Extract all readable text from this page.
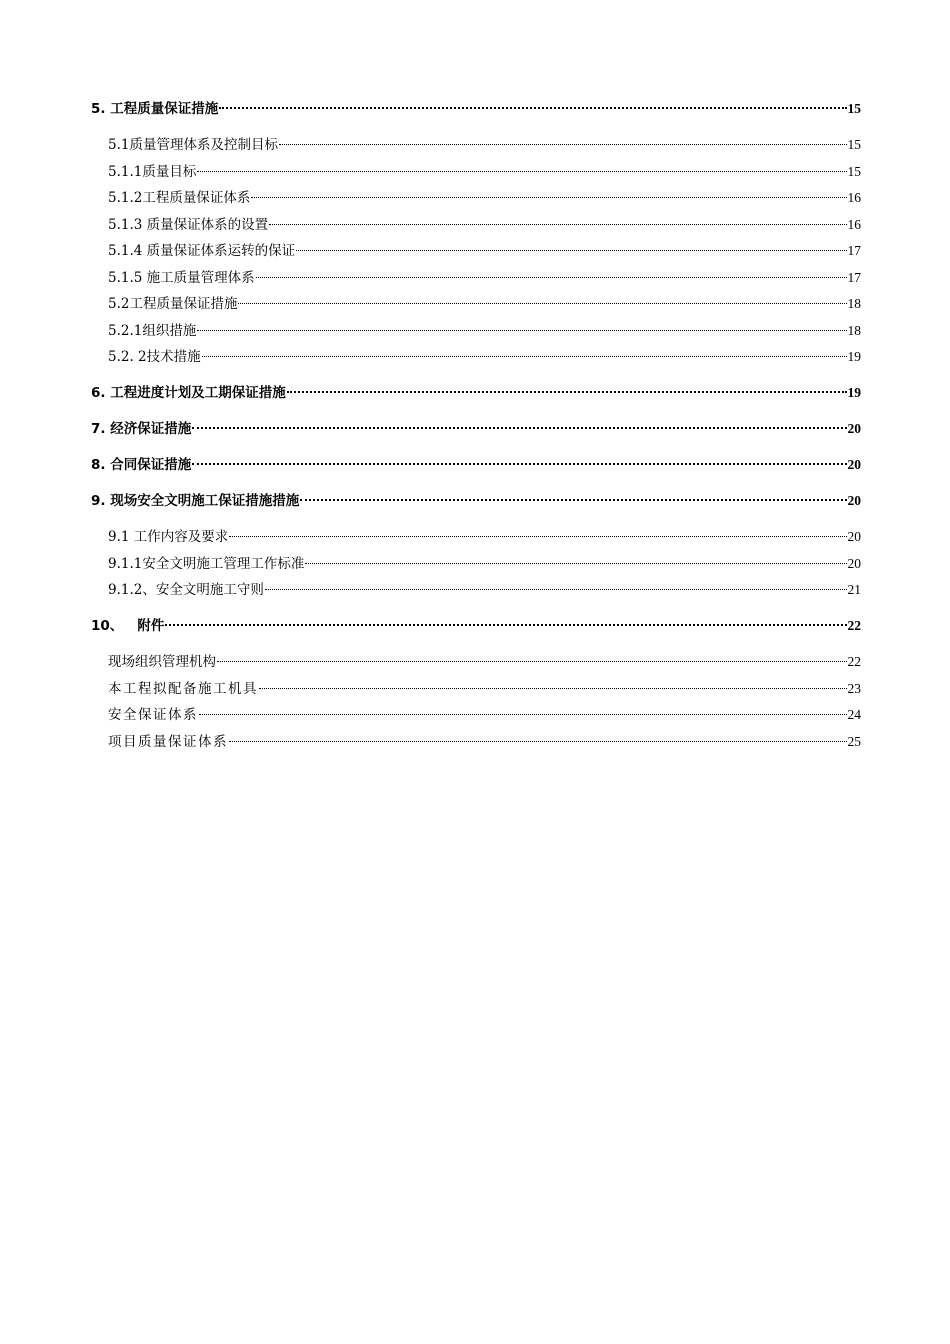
5. 工程质量保证措施	15
5.1质量管理体系及控制目标	15
5.1.1质量目标	15
5.1.2工程质量保证体系	16
5.1.3 质量保证体系的设置	16
5.1.4 质量保证体系运转的保证	17
5.1.5 施工质量管理体系	17
5.2工程质量保证措施	18
5.2.1组织措施	18
5.2. 2技术措施	19
6. 工程进度计划及工期保证措施	19
7. 经济保证措施	20
8. 合同保证措施	20
9. 现场安全文明施工保证措施措施	20
9.1 工作内容及要求	20
9.1.1安全文明施工管理工作标准	20
9.1.2、安全文明施工守则	21
10、   附件	22
现场组织管理机构	22
本工程拟配备施工机具	23
安全保证体系	24
项目质量保证体系	25
